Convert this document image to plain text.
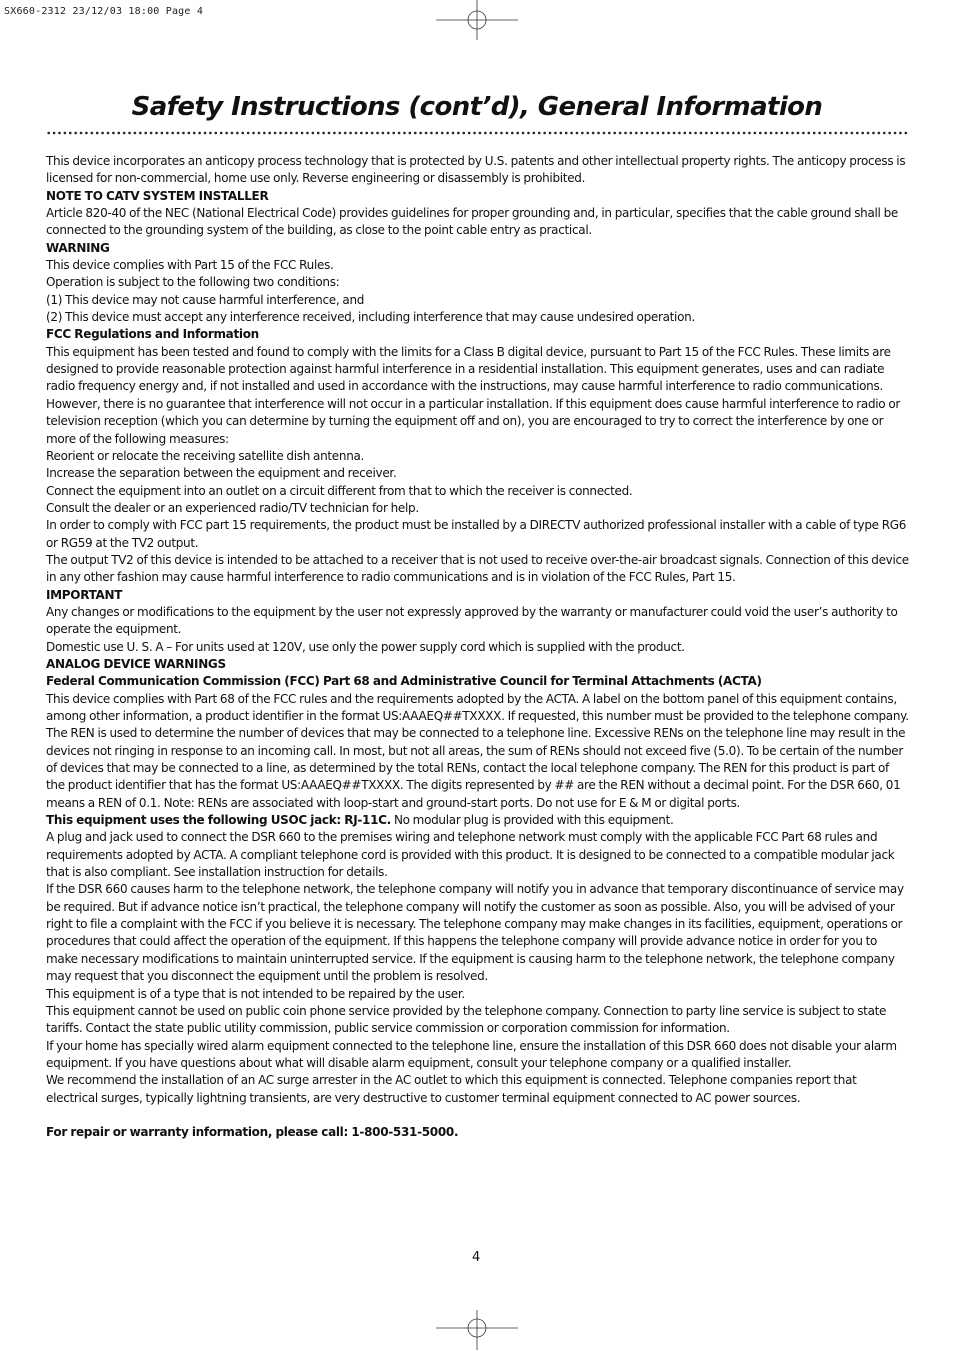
SX660-2312 23/12/03 18:00 Page 4
Safety Instructions (cont’d), General Information

This device incorporates an anticopy process technology that is protected by U.S. patents and other intellectual property rights. The anticopy process is licensed for non-commercial, home use only. Reverse engineering or disassembly is prohibited.

NOTE TO CATV SYSTEM INSTALLER

Article 820-40 of the NEC (National Electrical Code) provides guidelines for proper grounding and, in particular, specifies that the cable ground shall be connected to the grounding system of the building, as close to the point cable entry as practical.

WARNING

This device complies with Part 15 of the FCC Rules.

Operation is subject to the following two conditions:

(1) This device may not cause harmful interference, and

(2) This device must accept any interference received, including interference that may cause undesired operation.

FCC Regulations and Information

This equipment has been tested and found to comply with the limits for a Class B digital device, pursuant to Part 15 of the FCC Rules. These limits are designed to provide reasonable protection against harmful interference in a residential installation. This equipment generates, uses and can radiate radio frequency energy and, if not installed and used in accordance with the instructions, may cause harmful interference to radio communications.

However, there is no guarantee that interference will not occur in a particular installation. If this equipment does cause harmful interference to radio or television reception (which you can determine by turning the equipment off and on), you are encouraged to try to correct the interference by one or more of the following measures:

Reorient or relocate the receiving satellite dish antenna.

Increase the separation between the equipment and receiver.

Connect the equipment into an outlet on a circuit different from that to which the receiver is connected.

Consult the dealer or an experienced radio/TV technician for help.

In order to comply with FCC part 15 requirements, the product must be installed by a DIRECTV authorized professional installer with a cable of type RG6 or RG59 at the TV2 output.

The output TV2 of this device is intended to be attached to a receiver that is not used to receive over-the-air broadcast signals. Connection of this device in any other fashion may cause harmful interference to radio communications and is in violation of the FCC Rules, Part 15.

IMPORTANT

Any changes or modifications to the equipment by the user not expressly approved by the warranty or manufacturer could void the user’s authority to operate the equipment.

Domestic use U. S. A – For units used at 120V, use only the power supply cord which is supplied with the product.

ANALOG DEVICE WARNINGS

Federal Communication Commission (FCC) Part 68 and Administrative Council for Terminal Attachments (ACTA)

This device complies with Part 68 of the FCC rules and the requirements adopted by the ACTA. A label on the bottom panel of this equipment contains, among other information, a product identifier in the format US:AAAEQ##TXXXX. If requested, this number must be provided to the telephone company. The REN is used to determine the number of devices that may be connected to a telephone line. Excessive RENs on the telephone line may result in the devices not ringing in response to an incoming call. In most, but not all areas, the sum of RENs should not exceed five (5.0). To be certain of the number of devices that may be connected to a line, as determined by the total RENs, contact the local telephone company. The REN for this product is part of the product identifier that has the format US:AAAEQ##TXXXX. The digits represented by ## are the REN without a decimal point. For the DSR 660, 01 means a REN of 0.1. Note: RENs are associated with loop-start and ground-start ports. Do not use for E & M or digital ports.

This equipment uses the following USOC jack: RJ-11C. No modular plug is provided with this equipment.

A plug and jack used to connect the DSR 660 to the premises wiring and telephone network must comply with the applicable FCC Part 68 rules and requirements adopted by ACTA. A compliant telephone cord is provided with this product. It is designed to be connected to a compatible modular jack that is also compliant. See installation instruction for details.

If the DSR 660 causes harm to the telephone network, the telephone company will notify you in advance that temporary discontinuance of service may be required. But if advance notice isn’t practical, the telephone company will notify the customer as soon as possible. Also, you will be advised of your right to file a complaint with the FCC if you believe it is necessary. The telephone company may make changes in its facilities, equipment, operations or procedures that could affect the operation of the equipment. If this happens the telephone company will provide advance notice in order for you to make necessary modifications to maintain uninterrupted service. If the equipment is causing harm to the telephone network, the telephone company may request that you disconnect the equipment until the problem is resolved.

This equipment is of a type that is not intended to be repaired by the user.

This equipment cannot be used on public coin phone service provided by the telephone company. Connection to party line service is subject to state tariffs. Contact the state public utility commission, public service commission or corporation commission for information.

If your home has specially wired alarm equipment connected to the telephone line, ensure the installation of this DSR 660 does not disable your alarm equipment. If you have questions about what will disable alarm equipment, consult your telephone company or a qualified installer.

We recommend the installation of an AC surge arrester in the AC outlet to which this equipment is connected. Telephone companies report that electrical surges, typically lightning transients, are very destructive to customer terminal equipment connected to AC power sources.

For repair or warranty information, please call: 1-800-531-5000.

4
